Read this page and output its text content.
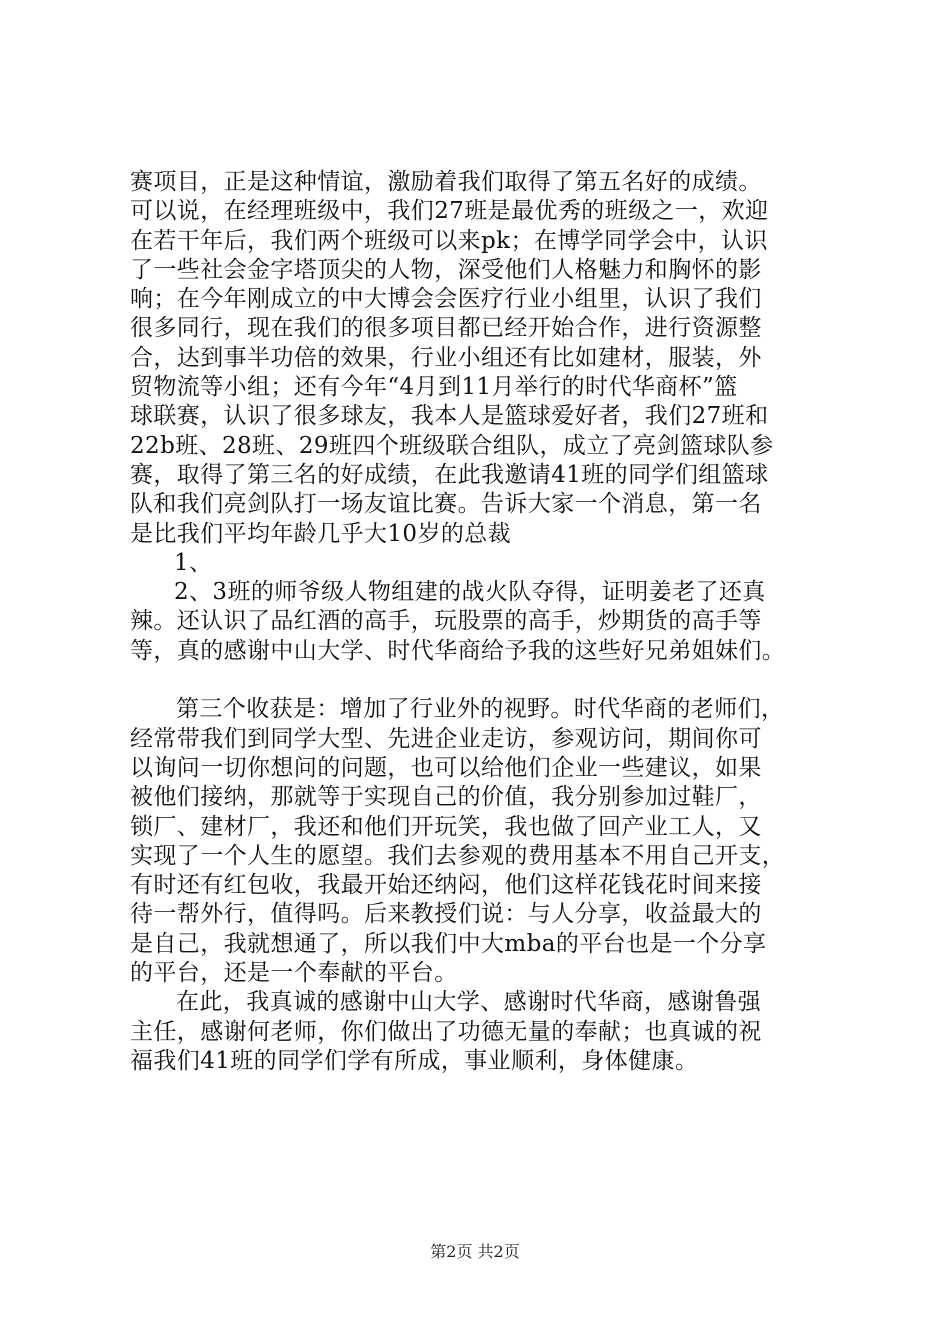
赛项目，正是这种情谊，激励着我们取得了第五名好的成绩。
可以说，在经理班级中，我们27班是最优秀的班级之一，欢迎
在若干年后，我们两个班级可以来pk；在博学同学会中，认识
了一些社会金字塔顶尖的人物，深受他们人格魅力和胸怀的影
响；在今年刚成立的中大博会会医疗行业小组里，认识了我们
很多同行，现在我们的很多项目都已经开始合作，进行资源整
合，达到事半功倍的效果，行业小组还有比如建材，服装，外
贸物流等小组；还有今年“4月到11月举行的时代华商杯”篮
球联赛，认识了很多球友，我本人是篮球爱好者，我们27班和
22b班、28班、29班四个班级联合组队，成立了亮剑篮球队参
赛，取得了第三名的好成绩，在此我邀请41班的同学们组篮球
队和我们亮剑队打一场友谊比赛。告诉大家一个消息，第一名
是比我们平均年龄几乎大10岁的总裁
1、
2、3班的师爷级人物组建的战火队夺得，证明姜老了还真
辣。还认识了品红酒的高手，玩股票的高手，炒期货的高手等
等，真的感谢中山大学、时代华商给予我的这些好兄弟姐妹们。
第三个收获是：增加了行业外的视野。时代华商的老师们，
经常带我们到同学大型、先进企业走访，参观访问，期间你可
以询问一切你想问的问题，也可以给他们企业一些建议，如果
被他们接纳，那就等于实现自己的价值，我分别参加过鞋厂，
锁厂、建材厂，我还和他们开玩笑，我也做了回产业工人，又
实现了一个人生的愿望。我们去参观的费用基本不用自己开支，
有时还有红包收，我最开始还纳闷，他们这样花钱花时间来接
待一帮外行，值得吗。后来教授们说：与人分享，收益最大的
是自己，我就想通了，所以我们中大mba的平台也是一个分享
的平台，还是一个奉献的平台。
在此，我真诚的感谢中山大学、感谢时代华商，感谢鲁强
主任，感谢何老师，你们做出了功德无量的奉献；也真诚的祝
福我们41班的同学们学有所成，事业顺利，身体健康。
第2页 共2页
